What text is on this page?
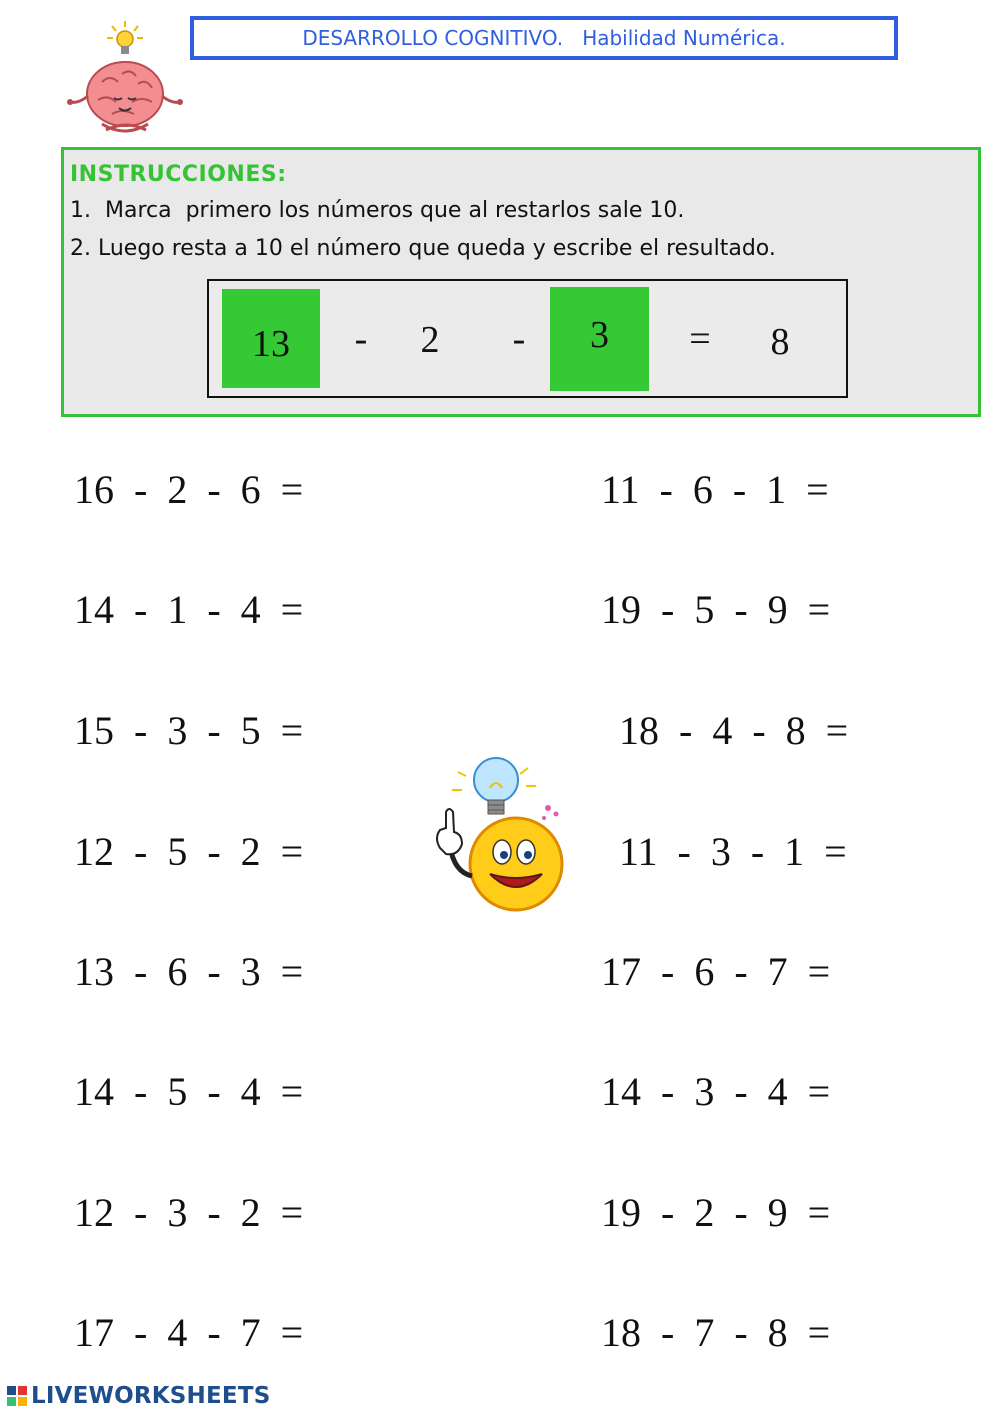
DESARROLLO COGNITIVO.   Habilidad Numérica.
INSTRUCCIONES:
1.  Marca  primero los números que al restarlos sale 10.
2. Luego resta a 10 el número que queda y escribe el resultado.
13	-	2	-	3	=	8
16  -  2  -  6  =
14  -  1  -  4  =
15  -  3  -  5  =
12  -  5  -  2  =
13  -  6  -  3  =
14  -  5  -  4  =
12  -  3  -  2  =
17  -  4  -  7  =
11  -  6  -  1  =
19  -  5  -  9  =
18  -  4  -  8  =
11  -  3  -  1  =
17  -  6  -  7  =
14  -  3  -  4  =
19  -  2  -  9  =
18  -  7  -  8  =
LIVEWORKSHEETS
